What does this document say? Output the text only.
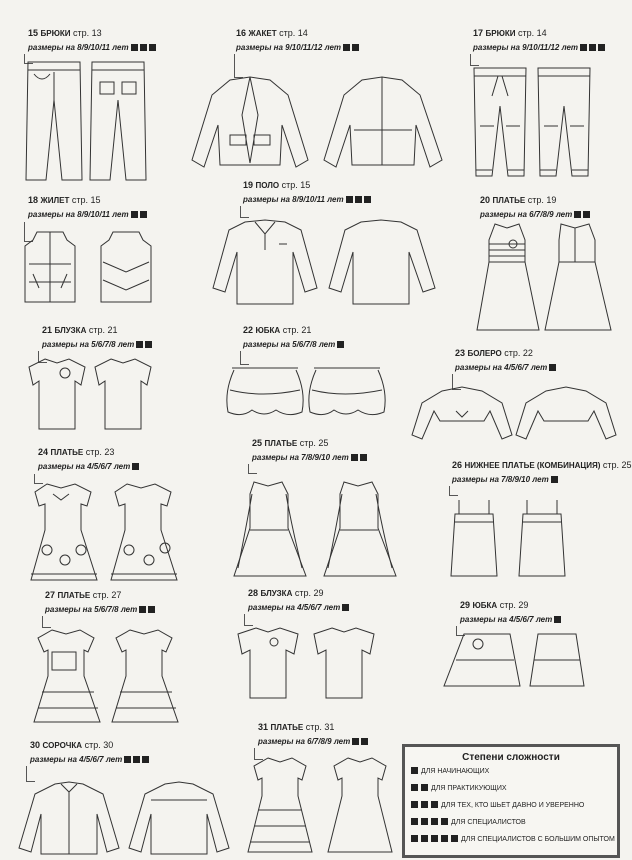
15 БРЮКИ стр. 13
размеры на 8/9/10/11 лет
16 ЖАКЕТ стр. 14
размеры на 9/10/11/12 лет
17 БРЮКИ стр. 14
размеры на 9/10/11/12 лет
18 ЖИЛЕТ стр. 15
размеры на 8/9/10/11 лет
19 ПОЛО стр. 15
размеры на 8/9/10/11 лет	20 ПЛАТЬЕ стр. 19
размеры на 6/7/8/9 лет
21 БЛУЗКА стр. 21
размеры на 5/6/7/8 лет
22 ЮБКА стр. 21
размеры на 5/6/7/8 лет
23 БОЛЕРО стр. 22
размеры на 4/5/6/7 лет
24 ПЛАТЬЕ стр. 23
размеры на 4/5/6/7 лет
25 ПЛАТЬЕ стр. 25
размеры на 7/8/9/10 лет
26 НИЖНЕЕ ПЛАТЬЕ (КОМБИНАЦИЯ) стр. 25
размеры на 7/8/9/10 лет
27 ПЛАТЬЕ стр. 27
размеры на 5/6/7/8 лет
28 БЛУЗКА стр. 29
размеры на 4/5/6/7 лет	29 ЮБКА стр. 29
размеры на 4/5/6/7 лет
30 СОРОЧКА стр. 30
размеры на 4/5/6/7 лет
31 ПЛАТЬЕ стр. 31
размеры на 6/7/8/9 лет
Степени сложности
ДЛЯ НАЧИНАЮЩИХ
ДЛЯ ПРАКТИКУЮЩИХ
ДЛЯ ТЕХ, КТО ШЬЕТ ДАВНО И УВЕРЕННО
ДЛЯ СПЕЦИАЛИСТОВ
ДЛЯ СПЕЦИАЛИСТОВ С БОЛЬШИМ ОПЫТОМ
